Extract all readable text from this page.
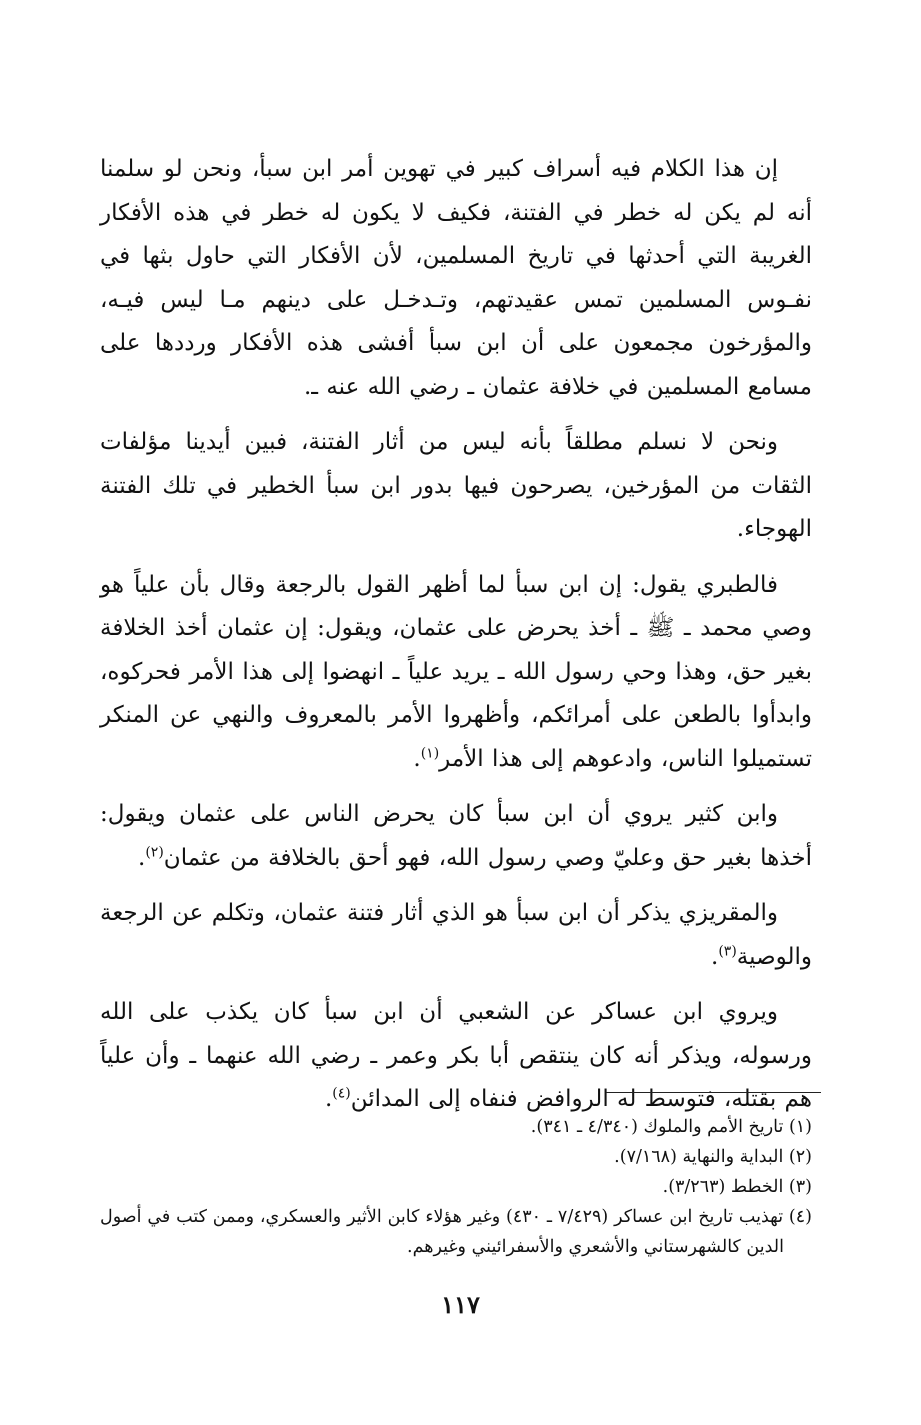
إن هذا الكلام فيه أسراف كبير في تهوين أمر ابن سبأ، ونحن لو سلمنا أنه لم يكن له خطر في الفتنة، فكيف لا يكون له خطر في هذه الأفكار الغريبة التي أحدثها في تاريخ المسلمين، لأن الأفكار التي حاول بثها في نفـوس المسلمين تمس عقيدتهم، وتـدخـل على دينهم مـا ليس فيـه، والمؤرخون مجمعون على أن ابن سبأ أفشى هذه الأفكار ورددها على مسامع المسلمين في خلافة عثمان ـ رضي الله عنه ـ.

ونحن لا نسلم مطلقاً بأنه ليس من أثار الفتنة، فبين أيدينا مؤلفات الثقات من المؤرخين، يصرحون فيها بدور ابن سبأ الخطير في تلك الفتنة الهوجاء.

فالطبري يقول: إن ابن سبأ لما أظهر القول بالرجعة وقال بأن علياً هو وصي محمد ـ ﷺ ـ أخذ يحرض على عثمان، ويقول: إن عثمان أخذ الخلافة بغير حق، وهذا وحي رسول الله ـ يريد علياً ـ انهضوا إلى هذا الأمر فحركوه، وابدأوا بالطعن على أمرائكم، وأظهروا الأمر بالمعروف والنهي عن المنكر تستميلوا الناس، وادعوهم إلى هذا الأمر$^{(١)}$.

وابن كثير يروي أن ابن سبأ كان يحرض الناس على عثمان ويقول: أخذها بغير حق وعليّ وصي رسول الله، فهو أحق بالخلافة من عثمان$^{(٢)}$.

والمقريزي يذكر أن ابن سبأ هو الذي أثار فتنة عثمان، وتكلم عن الرجعة والوصية$^{(٣)}$.

ويروي ابن عساكر عن الشعبي أن ابن سبأ كان يكذب على الله ورسوله، ويذكر أنه كان ينتقص أبا بكر وعمر ـ رضي الله عنهما ـ وأن علياً هم بقتله، فتوسط له الروافض فنفاه إلى المدائن$^{(٤)}$.

(١) تاريخ الأمم والملوك (٤/٣٤٠ ـ ٣٤١).

(٢) البداية والنهاية (٧/١٦٨).

(٣) الخطط (٣/٢٦٣).

(٤) تهذيب تاريخ ابن عساكر (٧/٤٢٩ ـ ٤٣٠) وغير هؤلاء كابن الأثير والعسكري، وممن كتب في أصول الدين كالشهرستاني والأشعري والأسفرائيني وغيرهم.

١١٧
